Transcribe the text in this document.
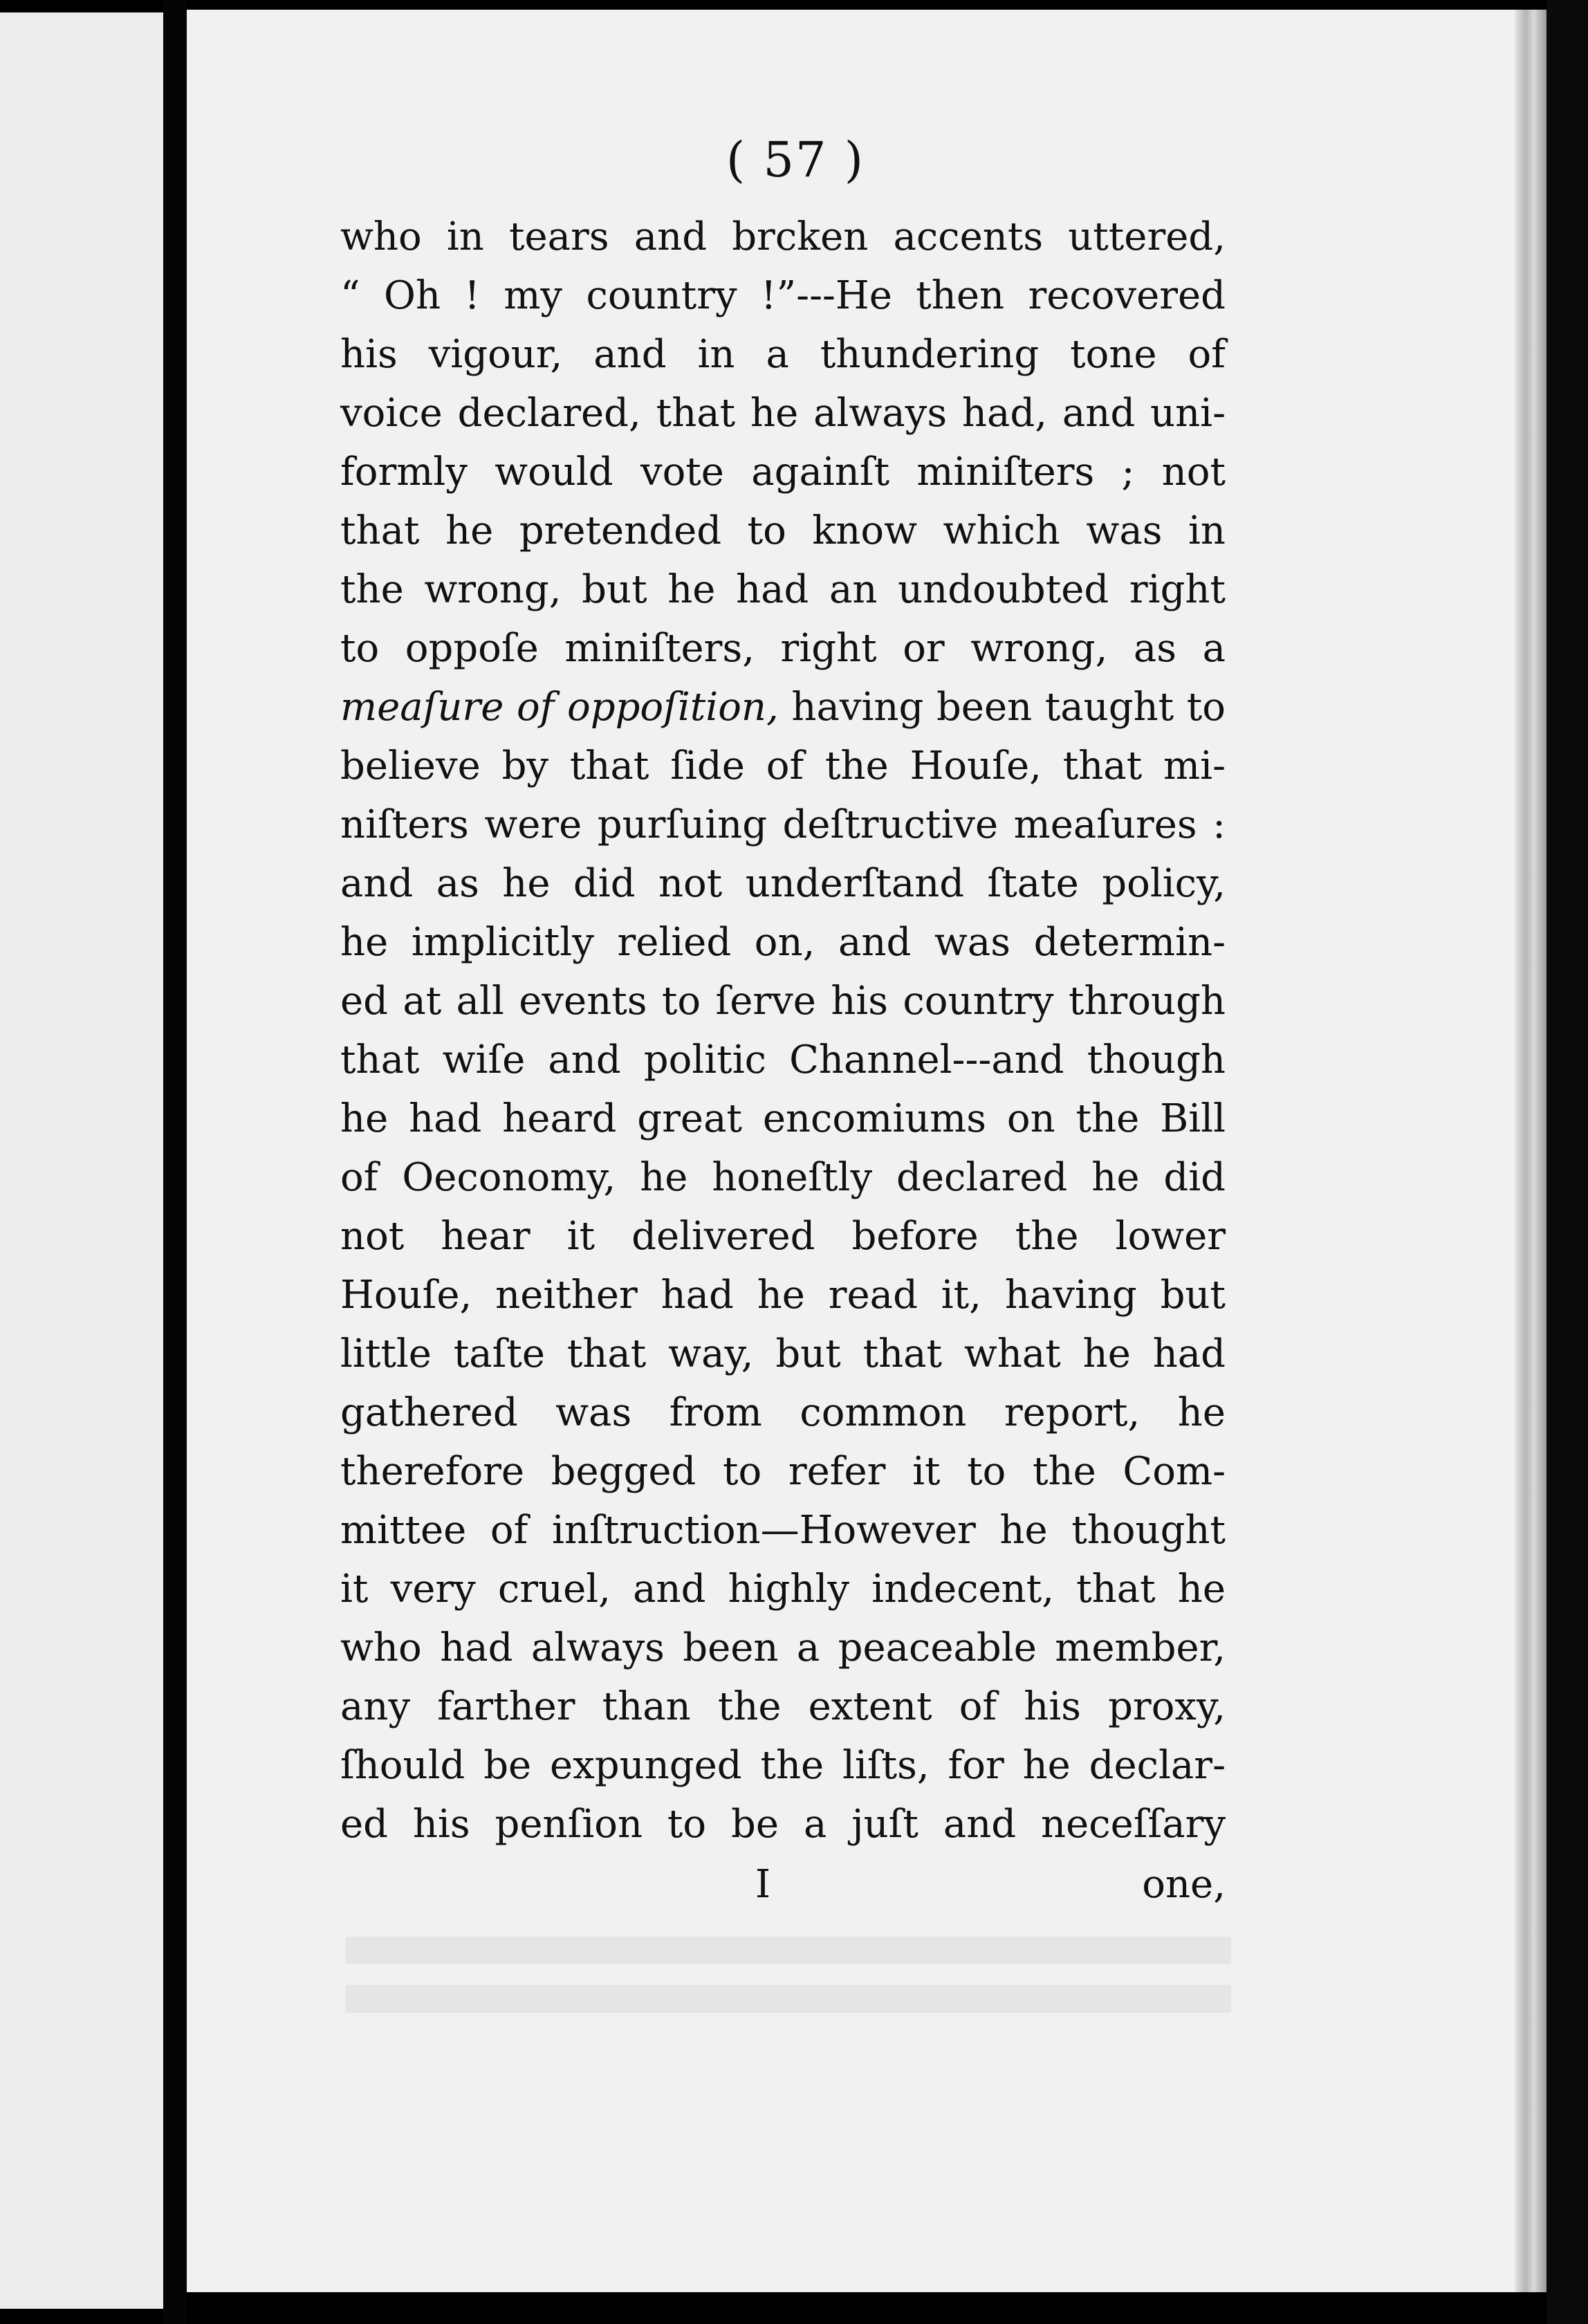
( 57 )
who in tears and brcken accents uttered,
“ Oh ! my country !”---He then recovered
his vigour, and in a thundering tone of
voice declared, that he always had, and uni-
formly would vote againſt miniſters ; not
that he pretended to know which was in
the wrong, but he had an undoubted right
to oppoſe miniſters, right or wrong, as a
meaſure of oppoſition, having been taught to
believe by that ſide of the Houſe, that mi-
niſters were purſuing deſtructive meaſures :
and as he did not underſtand ſtate policy,
he implicitly relied on, and was determin-
ed at all events to ſerve his country through
that wiſe and politic Channel---and though
he had heard great encomiums on the Bill
of Oeconomy, he honeſtly declared he did
not hear it delivered before the lower
Houſe, neither had he read it, having but
little taſte that way, but that what he had
gathered was from common report, he
therefore begged to refer it to the Com-
mittee of inſtruction—However he thought
it very cruel, and highly indecent, that he
who had always been a peaceable member,
any farther than the extent of his proxy,
ſhould be expunged the liſts, for he declar-
ed his penſion to be a juſt and neceſſary
I	one,
